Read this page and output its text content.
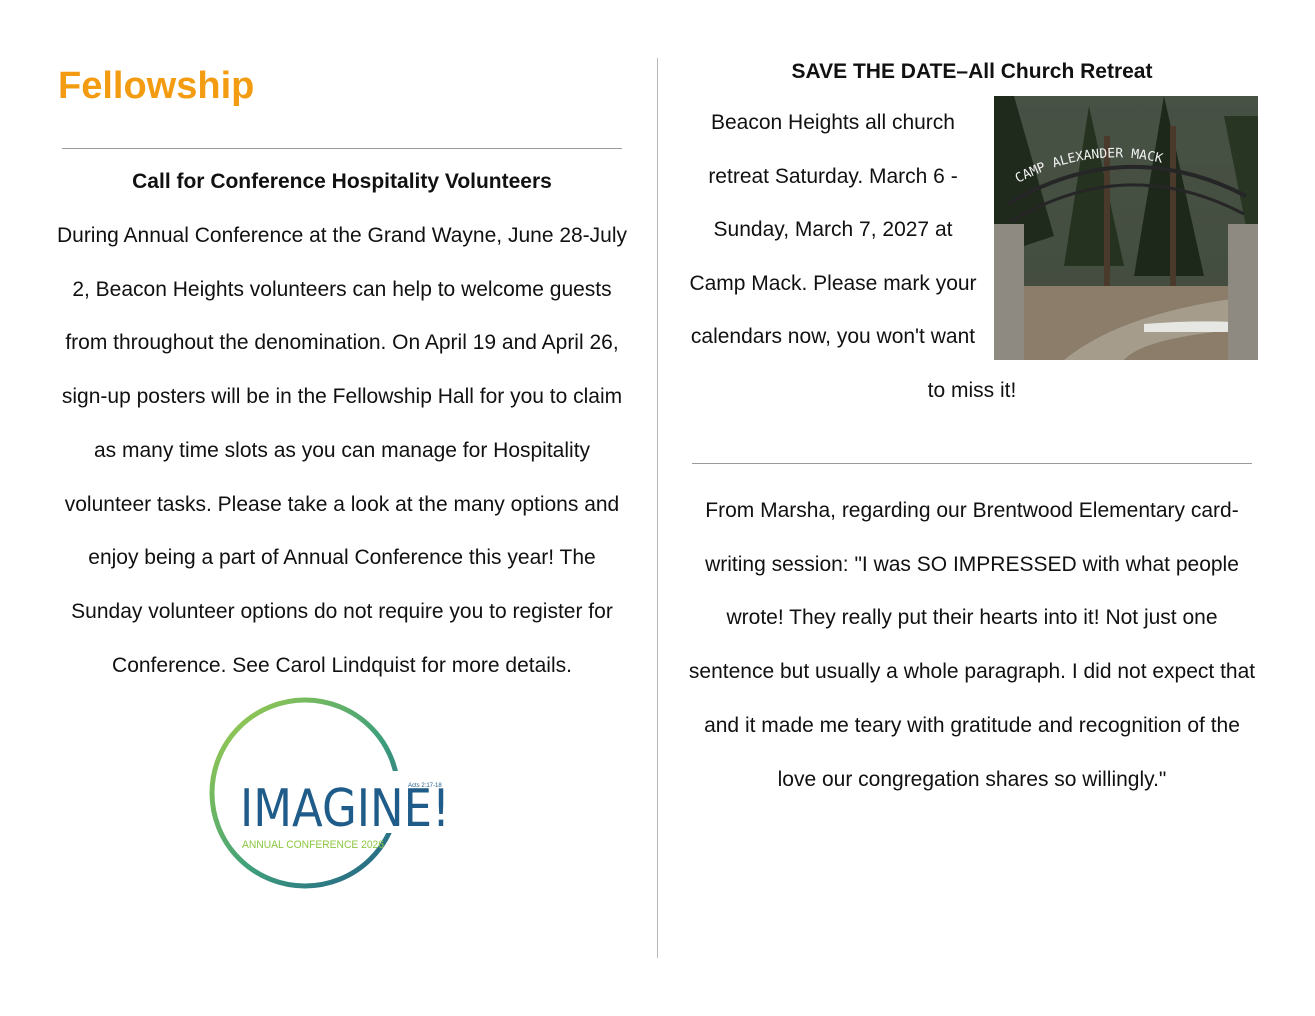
Fellowship
Call for Conference Hospitality Volunteers

During Annual Conference at the Grand Wayne, June 28-July 2, Beacon Heights volunteers can help to welcome guests from throughout the denomination. On April 19 and April 26, sign-up posters will be in the Fellowship Hall for you to claim as many time slots as you can manage for Hospitality volunteer tasks. Please take a look at the many options and enjoy being a part of Annual Conference this year! The Sunday volunteer options do not require you to register for Conference. See Carol Lindquist for more details.

IMAGINE!
ANNUAL CONFERENCE 2026
Acts 2:17-18
SAVE THE DATE–All Church Retreat
CAMP ALEXANDER MACK

Beacon Heights all church retreat Saturday. March 6 - Sunday, March 7, 2027 at Camp Mack. Please mark your calendars now, you won't want to miss it!

From Marsha, regarding our Brentwood Elementary card-writing session: "I was SO IMPRESSED with what people wrote! They really put their hearts into it! Not just one sentence but usually a whole paragraph. I did not expect that and it made me teary with gratitude and recognition of the love our congregation shares so willingly."
